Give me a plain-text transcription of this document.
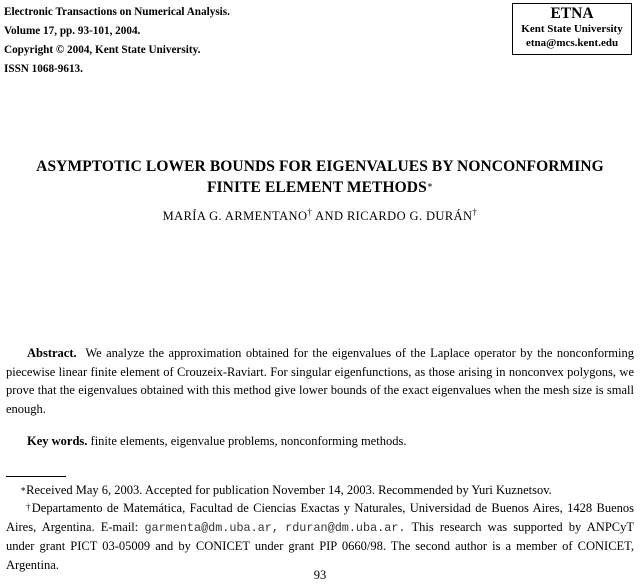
Electronic Transactions on Numerical Analysis.
Volume 17, pp. 93-101, 2004.
Copyright © 2004, Kent State University.
ISSN 1068-9613.
ETNA
Kent State University
etna@mcs.kent.edu
ASYMPTOTIC LOWER BOUNDS FOR EIGENVALUES BY NONCONFORMING
FINITE ELEMENT METHODS∗
MARÍA G. ARMENTANO† AND RICARDO G. DURÁN†
Abstract. We analyze the approximation obtained for the eigenvalues of the Laplace operator by the nonconforming piecewise linear finite element of Crouzeix-Raviart. For singular eigenfunctions, as those arising in nonconvex polygons, we prove that the eigenvalues obtained with this method give lower bounds of the exact eigenvalues when the mesh size is small enough.
Key words. finite elements, eigenvalue problems, nonconforming methods.
∗Received May 6, 2003. Accepted for publication November 14, 2003. Recommended by Yuri Kuznetsov.
†Departamento de Matemática, Facultad de Ciencias Exactas y Naturales, Universidad de Buenos Aires, 1428 Buenos Aires, Argentina. E-mail: garmenta@dm.uba.ar, rduran@dm.uba.ar. This research was supported by ANPCyT under grant PICT 03-05009 and by CONICET under grant PIP 0660/98. The second author is a member of CONICET, Argentina.
93
